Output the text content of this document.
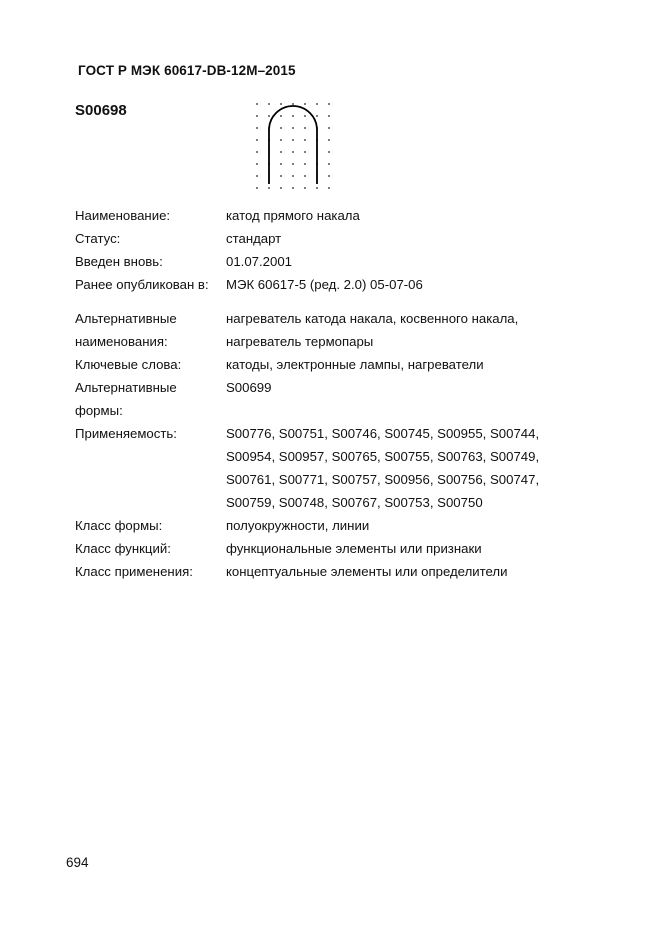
ГОСТ Р МЭК 60617-DB-12M–2015
S00698
Наименование:	катод прямого накала
Статус:	стандарт
Введен вновь:	01.07.2001
Ранее опубликован в:	МЭК 60617-5 (ред. 2.0) 05-07-06
Альтернативные
наименования:
нагреватель катода накала, косвенного накала,
нагреватель термопары
Ключевые слова:	катоды, электронные лампы, нагреватели
Альтернативные
формы:
S00699
Применяемость:	S00776, S00751, S00746, S00745, S00955, S00744,
S00954, S00957, S00765, S00755, S00763, S00749,
S00761, S00771, S00757, S00956, S00756, S00747,
S00759, S00748, S00767, S00753, S00750
Класс формы:	полуокружности, линии
Класс функций:	функциональные элементы или признаки
Класс применения:	концептуальные элементы или определители
694
